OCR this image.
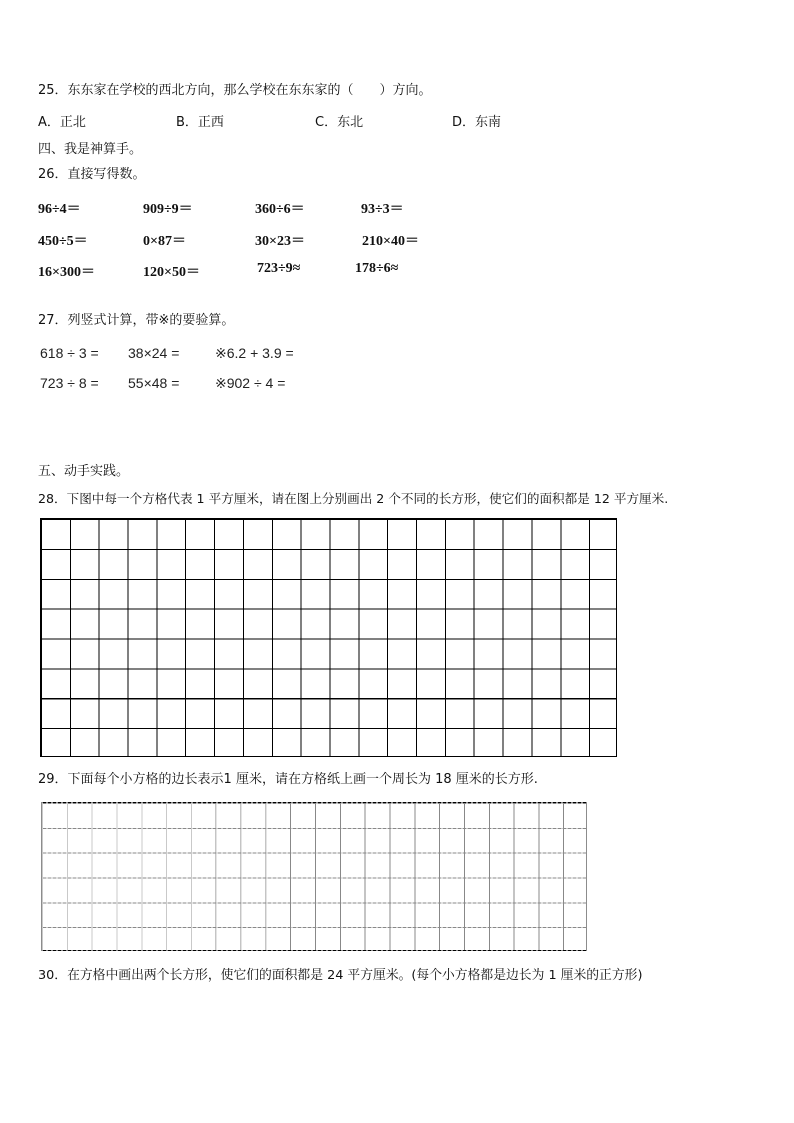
25．东东家在学校的西北方向，那么学校在东东家的（　　）方向。
A．正北	B．正西	C．东北	D．东南
四、我是神算手。
26．直接写得数。
96÷4＝	909÷9＝	360÷6＝	93÷3＝
450÷5＝	0×87＝	30×23＝	210×40＝
16×300＝	120×50＝	723÷9≈	178÷6≈
27．列竖式计算，带※的要验算。
618 ÷ 3 = 38×24 =	※6.2 + 3.9 =
723 ÷ 8 = 55×48 =	※902 ÷ 4 =
五、动手实践。
28．下图中每一个方格代表 1 平方厘米，请在图上分别画出 2 个不同的长方形，使它们的面积都是 12 平方厘米.
29．下面每个小方格的边长表示1 厘米，请在方格纸上画一个周长为 18 厘米的长方形.
30．在方格中画出两个长方形，使它们的面积都是 24 平方厘米。(每个小方格都是边长为 1 厘米的正方形)
